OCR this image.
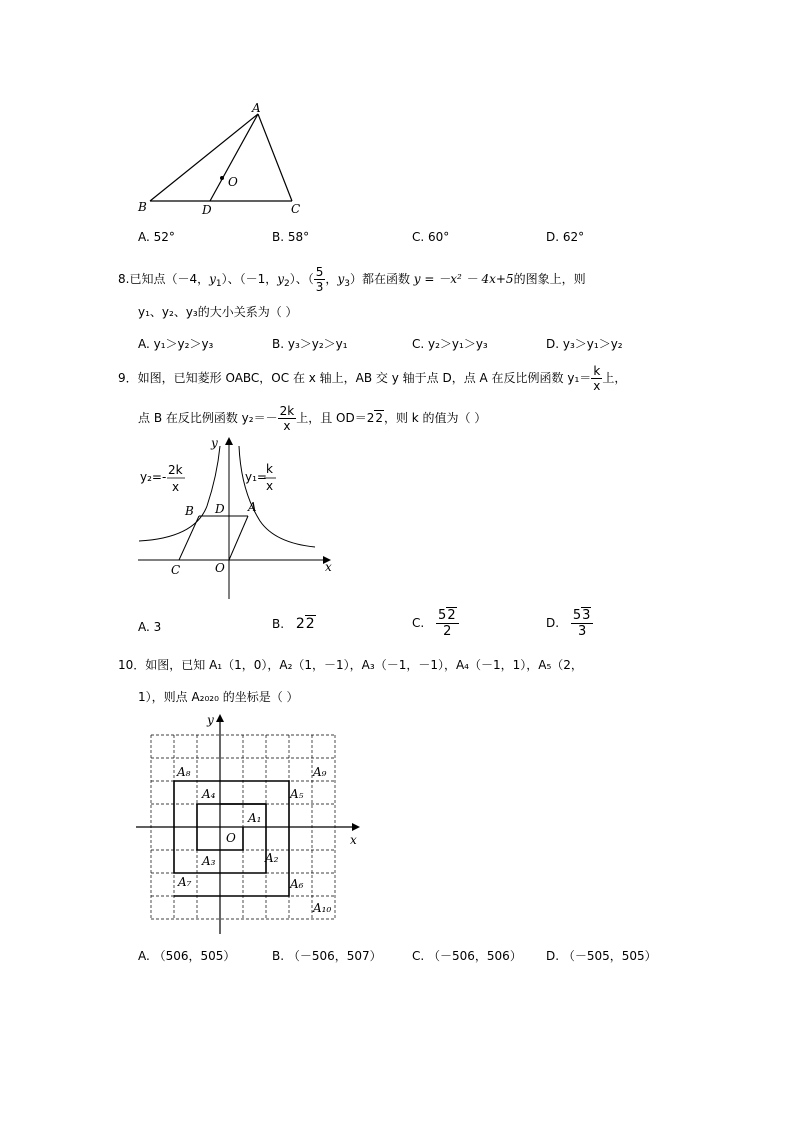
A
B	C
D
O
A. 52°	B. 58°	C. 60°	D. 62°
8.已知点（－4，$y_1$）、（－1，$y_2$）、（ $\frac{5}{3}$ ，$y_3$）都在函数 y = －x² － 4x+5的图象上，则
y₁、y₂、y₃的大小关系为（ ）
A. y₁＞y₂＞y₃	B. y₃＞y₂＞y₁	C. y₂＞y₁＞y₃	D. y₃＞y₁＞y₂
9．如图，已知菱形 OABC，OC 在 x 轴上，AB 交 y 轴于点 D，点 A 在反比例函数 $y_1= \frac{k}{x}$ 上，
点 B 在反比例函数 $y_2=- \frac{2k}{x}$ 上，且 OD＝22，则 k 的值为（ ）
y₂=- 2k
x
y₁=
k
x
B D A
C	O	x
y
A. 3	B. 22	C. $\frac{52}{2}$	D. $\frac{53}{3}$
10．如图，已知 A₁（1，0），A₂（1，－1），A₃（－1，－1），A₄（－1，1），A₅（2，
1），则点 A₂₀₂₀ 的坐标是（ ）
y
x
O
A₁
A₂
A₃
A₄	A₅
A₆
A₇
A₈	A₉
A₁₀
A. （506，505）	B. （－506，507）	C. （－506，506） D. （－505，505）
